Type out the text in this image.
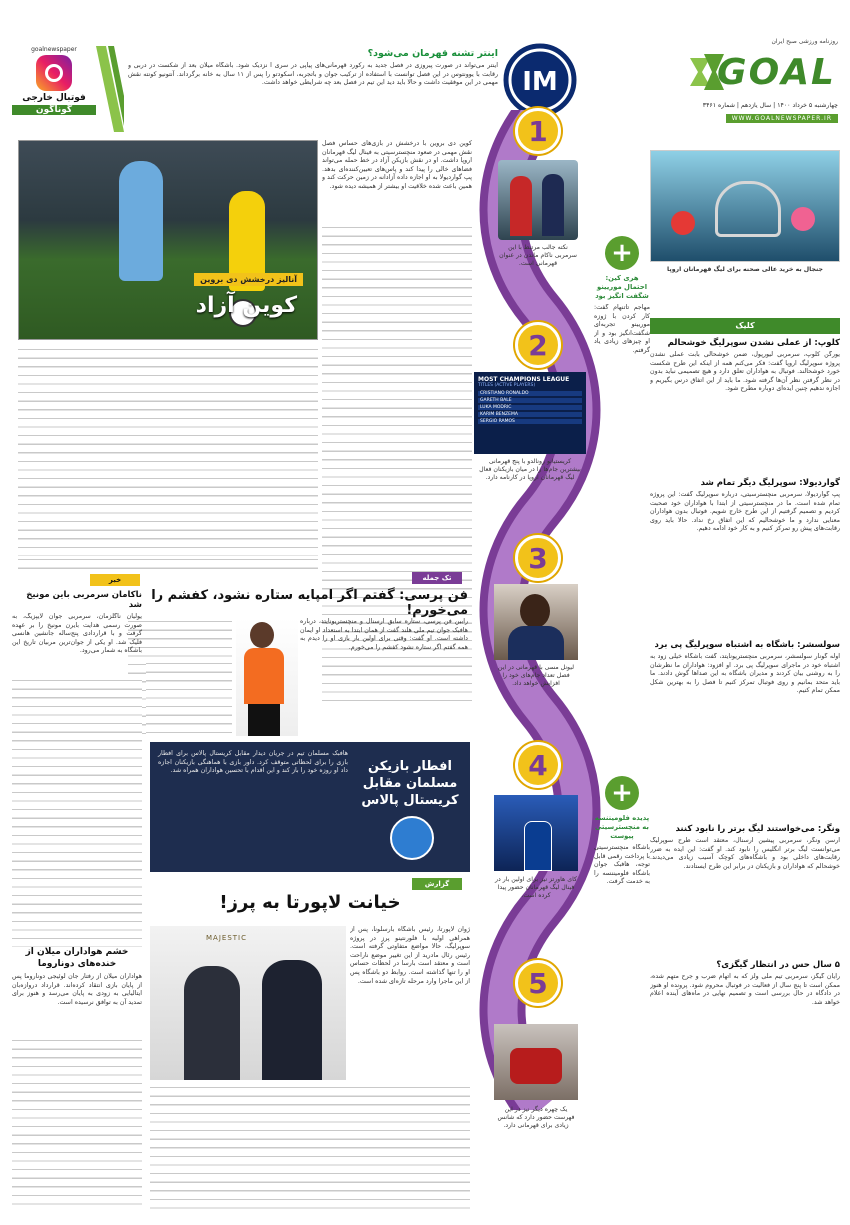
GOAL
روزنامه ورزشی صبح ایران
چهارشنبه ۵ خرداد ۱۴۰۰ | سال یازدهم | شماره ۳۴۶۱
WWW.GOALNEWSPAPER.IR
IM
اینتر تشنه قهرمان می‌شود؟
اینتر می‌تواند در صورت پیروزی در فصل جدید به رکورد قهرمانی‌های پیاپی در سری آ نزدیک شود. باشگاه میلان بعد از شکست در دربی و رقابت با یوونتوس در این فصل توانست با استفاده از ترکیب جوان و باتجربه، اسکودتو را پس از ۱۱ سال به خانه برگرداند. آنتونیو کونته نقش مهمی در این موفقیت داشت و حالا باید دید این تیم در فصل بعد چه شرایطی خواهد داشت.
goalnewspaper
فوتبال خارجی
گوناگون
1
2
3
4
5
نکته جالب مرتبط با این سرمربی ناکام ماندن در عنوان قهرمانی است.
MOST CHAMPIONS LEAGUE
TITLES (ACTIVE PLAYERS)
CRISTIANO RONALDO
GARETH BALE
LUKA MODRIC
KARIM BENZEMA
SERGIO RAMOS
کریستیانو رونالدو با پنج قهرمانی بیشترین جام‌ها را در میان بازیکنان فعال لیگ قهرمانان اروپا در کارنامه دارد.
لیونل مسی با قهرمانی در این فصل تعداد جام‌های خود را افزایش خواهد داد.
کای هاورتز نیز برای اولین بار در فینال لیگ قهرمانان حضور پیدا کرده است.
یک چهره دیگر نیز در این فهرست حضور دارد که شانس زیادی برای قهرمانی دارد.
جنجال به خرید عالی صحنه برای لیگ قهرمانان اروپا
کلیک
کلوپ: از عملی نشدن سوپرلیگ خوشحالم
یورگن کلوپ، سرمربی لیورپول، ضمن خوشحالی بابت عملی نشدن پروژه سوپرلیگ اروپا گفت: فکر می‌کنم همه از اینکه این طرح شکست خورد خوشحالند. فوتبال به هواداران تعلق دارد و هیچ تصمیمی نباید بدون در نظر گرفتن نظر آن‌ها گرفته شود. ما باید از این اتفاق درس بگیریم و اجازه ندهیم چنین ایده‌ای دوباره مطرح شود.
گواردیولا: سوپرلیگ دیگر تمام شد
پپ گواردیولا، سرمربی منچسترسیتی، درباره سوپرلیگ گفت: این پروژه تمام شده است. ما در منچسترسیتی از ابتدا با هواداران خود صحبت کردیم و تصمیم گرفتیم از این طرح خارج شویم. فوتبال بدون هواداران معنایی ندارد و ما خوشحالیم که این اتفاق رخ نداد. حالا باید روی رقابت‌های پیش رو تمرکز کنیم و به کار خود ادامه دهیم.
سولسشر: باشگاه به اشتباه سوپرلیگ پی برد
اوله گونار سولسشر، سرمربی منچستریونایتد، گفت باشگاه خیلی زود به اشتباه خود در ماجرای سوپرلیگ پی برد. او افزود: هواداران ما نظرشان را به روشنی بیان کردند و مدیران باشگاه به این صداها گوش دادند. ما باید متحد بمانیم و روی فوتبال تمرکز کنیم تا فصل را به بهترین شکل ممکن تمام کنیم.
ونگر: می‌خواستند لیگ برتر را نابود کنند
آرسن ونگر، سرمربی پیشین آرسنال، معتقد است طرح سوپرلیگ می‌توانست لیگ برتر انگلیس را نابود کند. او گفت: این ایده به ضرر رقابت‌های داخلی بود و باشگاه‌های کوچک آسیب زیادی می‌دیدند. خوشحالم که هواداران و بازیکنان در برابر این طرح ایستادند.
۵ سال حس در انتظار گیگزی؟
رایان گیگز، سرمربی تیم ملی ولز که به اتهام ضرب و جرح متهم شده، ممکن است تا پنج سال از فعالیت در فوتبال محروم شود. پرونده او هنوز در دادگاه در حال بررسی است و تصمیم نهایی در ماه‌های آینده اعلام خواهد شد.
+
هری کین: احتمال موریینو شگفت انگیز بود
مهاجم تاتنهام گفت: کار کردن با ژوزه موریینو تجربه‌ای شگفت‌انگیز بود و از او چیزهای زیادی یاد گرفتم.
+
پدیده فلومیننسه به منچسترسیتی پیوست
باشگاه منچسترسیتی با پرداخت رقمی قابل توجه، هافبک جوان باشگاه فلومیننسه را به خدمت گرفت.
آنالیز درخشش دی بروین
کوین آزاد
کوین دی بروین با درخشش در بازی‌های حساس فصل نقش مهمی در صعود منچسترسیتی به فینال لیگ قهرمانان اروپا داشت. او در نقش بازیکن آزاد در خط حمله می‌تواند فضاهای خالی را پیدا کند و پاس‌های تعیین‌کننده‌ای بدهد. پپ گواردیولا به او اجازه داده آزادانه در زمین حرکت کند و همین باعث شده خلاقیت او بیشتر از همیشه دیده شود.
تک جمله
فن پرسی: گفتم اگر امپایه ستاره نشود، کفشم را می‌خورم!
رابین فن پرسی، ستاره سابق آرسنال و منچستریونایتد، درباره هافبک جوان تیم ملی هلند گفت از همان ابتدا به استعداد او ایمان داشته است. او گفت: وقتی برای اولین بار بازی او را دیدم به همه گفتم اگر ستاره نشود کفشم را می‌خورم.
افطار بازیکن مسلمان مقابل کریستال پالاس
هافبک مسلمان تیم در جریان دیدار مقابل کریستال پالاس برای افطار بازی را برای لحظاتی متوقف کرد. داور بازی با هماهنگی بازیکنان اجازه داد او روزه خود را باز کند و این اقدام با تحسین هواداران همراه شد.
گزارش
خیانت لاپورتا به پرز!
MAJESTIC
ژوان لاپورتا، رئیس باشگاه بارسلونا، پس از همراهی اولیه با فلورنتینو پرز در پروژه سوپرلیگ، حالا مواضع متفاوتی گرفته است. رئیس رئال مادرید از این تغییر موضع ناراحت است و معتقد است بارسا در لحظات حساس او را تنها گذاشته است. روابط دو باشگاه پس از این ماجرا وارد مرحله تازه‌ای شده است.
خبر
ناکامان سرمربی باین مونیخ شد
یولیان ناگلزمان، سرمربی جوان لایپزیگ، به صورت رسمی هدایت بایرن مونیخ را بر عهده گرفت و با قراردادی پنج‌ساله جانشین هانسی فلیک شد. او یکی از جوان‌ترین مربیان تاریخ این باشگاه به شمار می‌رود.
خشم هواداران میلان از خنده‌های دوناروما
هواداران میلان از رفتار جان لوئیجی دوناروما پس از پایان بازی انتقاد کرده‌اند. قرارداد دروازه‌بان ایتالیایی به زودی به پایان می‌رسد و هنوز برای تمدید آن به توافق نرسیده است.
